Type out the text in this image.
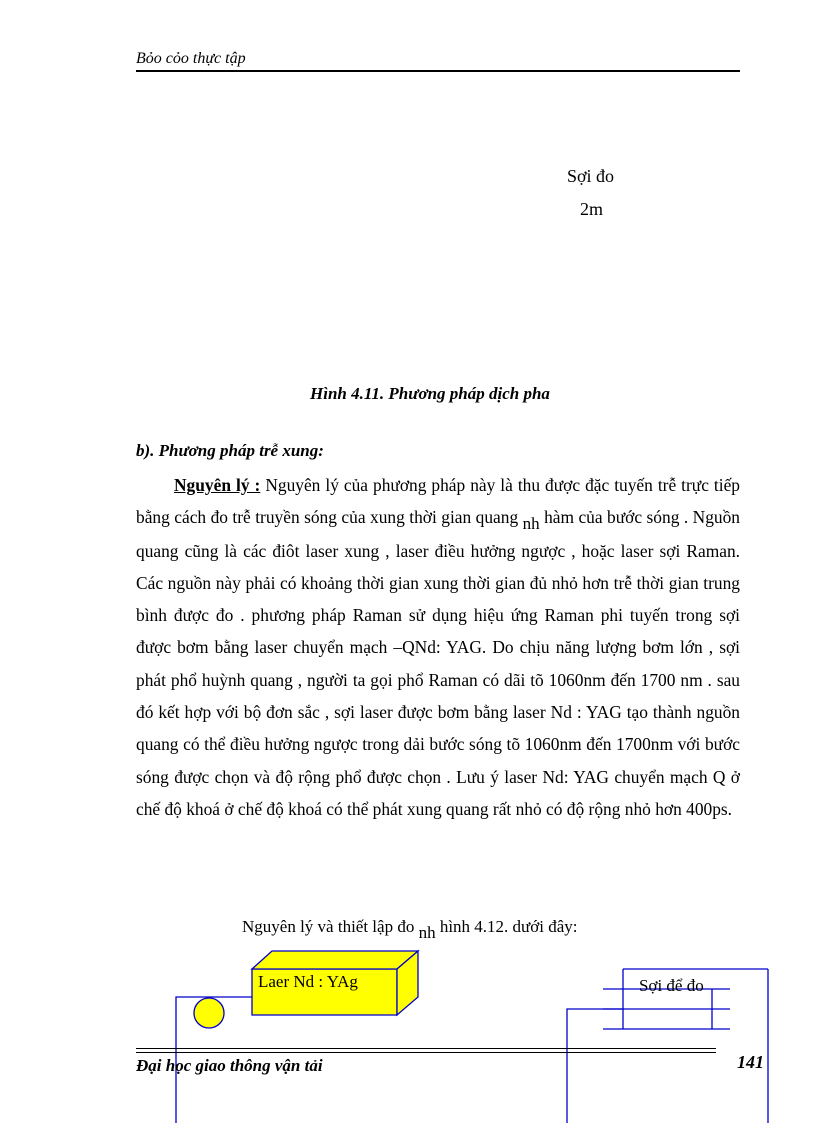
Bỏo cỏo thực tập
Sợi đo
2m
Hình 4.11. Phương pháp dịch pha
b). Phương pháp trễ xung:
Nguyên lý : Nguyên lý của phương pháp này là thu được đặc tuyến trễ trực tiếp bằng cách đo trễ truyền sóng của xung thời gian quang nh hàm của bước sóng . Nguồn quang cũng là các điôt laser xung , laser điều hưởng ngược , hoặc laser sợi Raman. Các nguồn này phải có khoảng thời gian xung thời gian đủ nhỏ hơn trễ thời gian trung bình được đo . phương pháp Raman sử dụng hiệu ứng Raman phi tuyến trong sợi được bơm bằng laser chuyển mạch –QNd: YAG. Do chịu năng lượng bơm lớn , sợi phát phổ huỳnh quang , người ta gọi phổ Raman có dãi tõ 1060nm đến 1700 nm . sau đó kết hợp với bộ đơn sắc , sợi laser được bơm bằng laser Nd : YAG tạo thành nguồn quang có thể điều hưởng ngược trong dải bước sóng tõ 1060nm đến 1700nm với bước sóng được chọn và độ rộng phổ được chọn . Lưu ý laser Nd: YAG chuyển mạch Q ở chế độ khoá ở chế độ khoá có thể phát xung quang rất nhỏ có độ rộng nhỏ hơn 400ps.
Nguyên lý và thiết lập đo nh hình 4.12. dưới đây:
Laer Nd : YAg	Sợi để đo
Đại học giao thông vận tải	141
